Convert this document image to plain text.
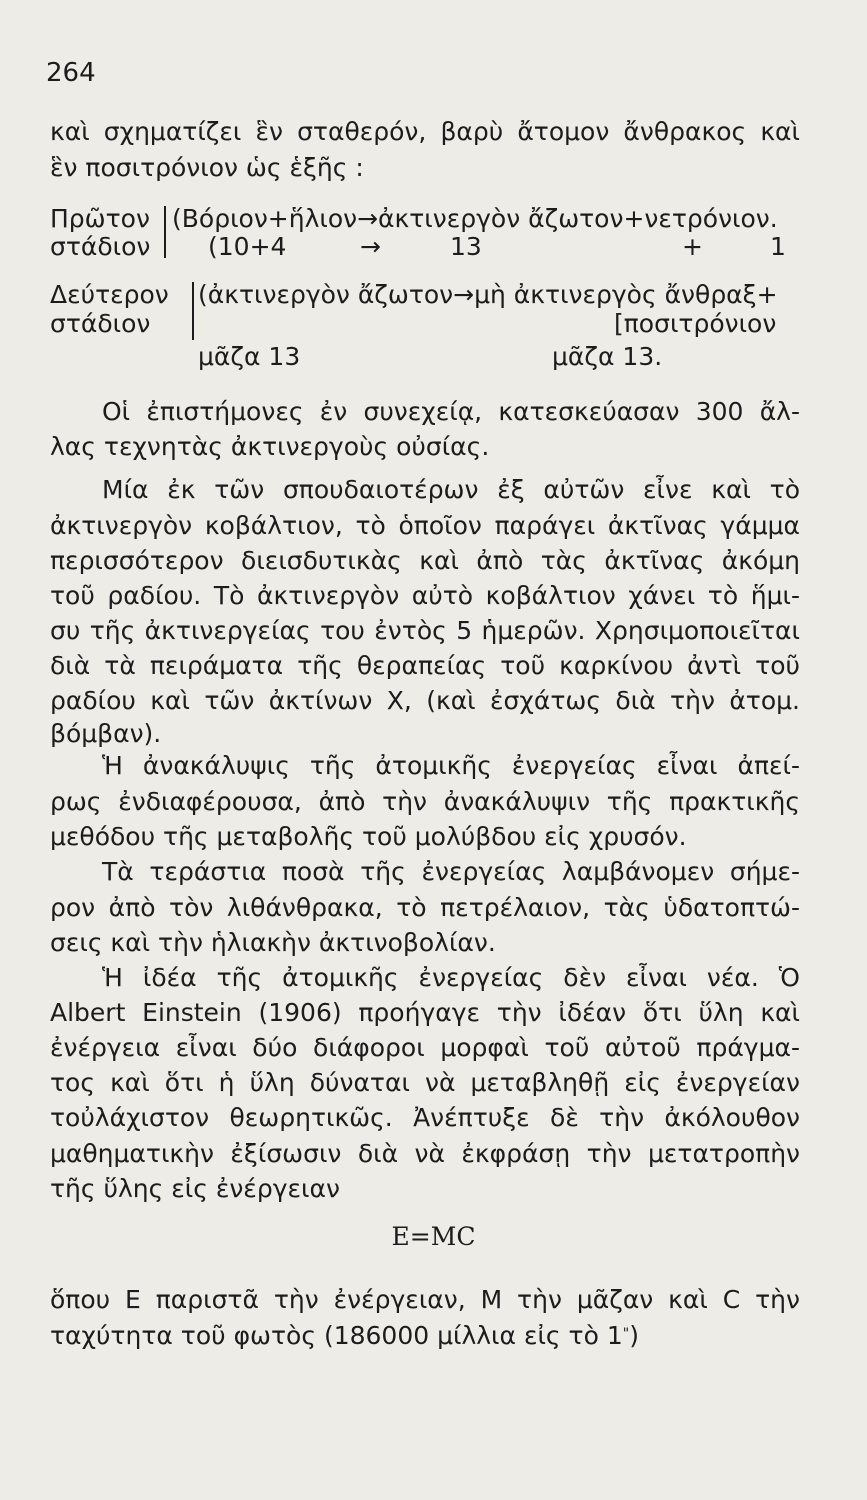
264
καὶ σχηματίζει ἓν σταθερόν, βαρὺ ἄτομον ἄνθρακος καὶ
ἓν ποσιτρόνιον ὡς ἑξῆς :
Πρῶτον
στάδιον
(Βόριον+ἥλιον→ἀκτινεργὸν ἄζωτον+νετρόνιον.
(10+4	→	13	+	1
Δεύτερον
στάδιον
(ἀκτινεργὸν ἄζωτον→μὴ ἀκτινεργὸς ἄνθραξ+
[ποσιτρόνιον
μᾶζα 13	μᾶζα 13.
Οἱ ἐπιστήμονες ἐν συνεχείᾳ, κατεσκεύασαν 300 ἄλ-
λας τεχνητὰς ἀκτινεργοὺς οὐσίας.
Μία ἐκ τῶν σπουδαιοτέρων ἐξ αὐτῶν εἶνε καὶ τὸ
ἀκτινεργὸν κοβάλτιον, τὸ ὁποῖον παράγει ἀκτῖνας γάμμα
περισσότερον διεισδυτικὰς καὶ ἀπὸ τὰς ἀκτῖνας ἀκόμη
τοῦ ραδίου. Τὸ ἀκτινεργὸν αὐτὸ κοβάλτιον χάνει τὸ ἥμι-
συ τῆς ἀκτινεργείας του ἐντὸς 5 ἡμερῶν. Χρησιμοποιεῖται
διὰ τὰ πειράματα τῆς θεραπείας τοῦ καρκίνου ἀντὶ τοῦ
ραδίου καὶ τῶν ἀκτίνων Χ, (καὶ ἐσχάτως διὰ τὴν ἀτομ.
βόμβαν).
Ἡ ἀνακάλυψις τῆς ἀτομικῆς ἐνεργείας εἶναι ἀπεί-
ρως ἐνδιαφέρουσα, ἀπὸ τὴν ἀνακάλυψιν τῆς πρακτικῆς
μεθόδου τῆς μεταβολῆς τοῦ μολύβδου εἰς χρυσόν.
Τὰ τεράστια ποσὰ τῆς ἐνεργείας λαμβάνομεν σήμε-
ρον ἀπὸ τὸν λιθάνθρακα, τὸ πετρέλαιον, τὰς ὑδατοπτώ-
σεις καὶ τὴν ἡλιακὴν ἀκτινοβολίαν.
Ἡ ἰδέα τῆς ἀτομικῆς ἐνεργείας δὲν εἶναι νέα. Ὁ
Albert Einstein (1906) προήγαγε τὴν ἰδέαν ὅτι ὕλη καὶ
ἐνέργεια εἶναι δύο διάφοροι μορφαὶ τοῦ αὐτοῦ πράγμα-
τος καὶ ὅτι ἡ ὕλη δύναται νὰ μεταβληθῇ εἰς ἐνεργείαν
τοὐλάχιστον θεωρητικῶς. Ἀνέπτυξε δὲ τὴν ἀκόλουθον
μαθηματικὴν ἐξίσωσιν διὰ νὰ ἐκφράσῃ τὴν μετατροπὴν
τῆς ὕλης εἰς ἐνέργειαν
E=MC
ὅπου Ε παριστᾶ τὴν ἐνέργειαν, Μ τὴν μᾶζαν καὶ C τὴν
ταχύτητα τοῦ φωτὸς (186000 μίλλια εἰς τὸ 1")
